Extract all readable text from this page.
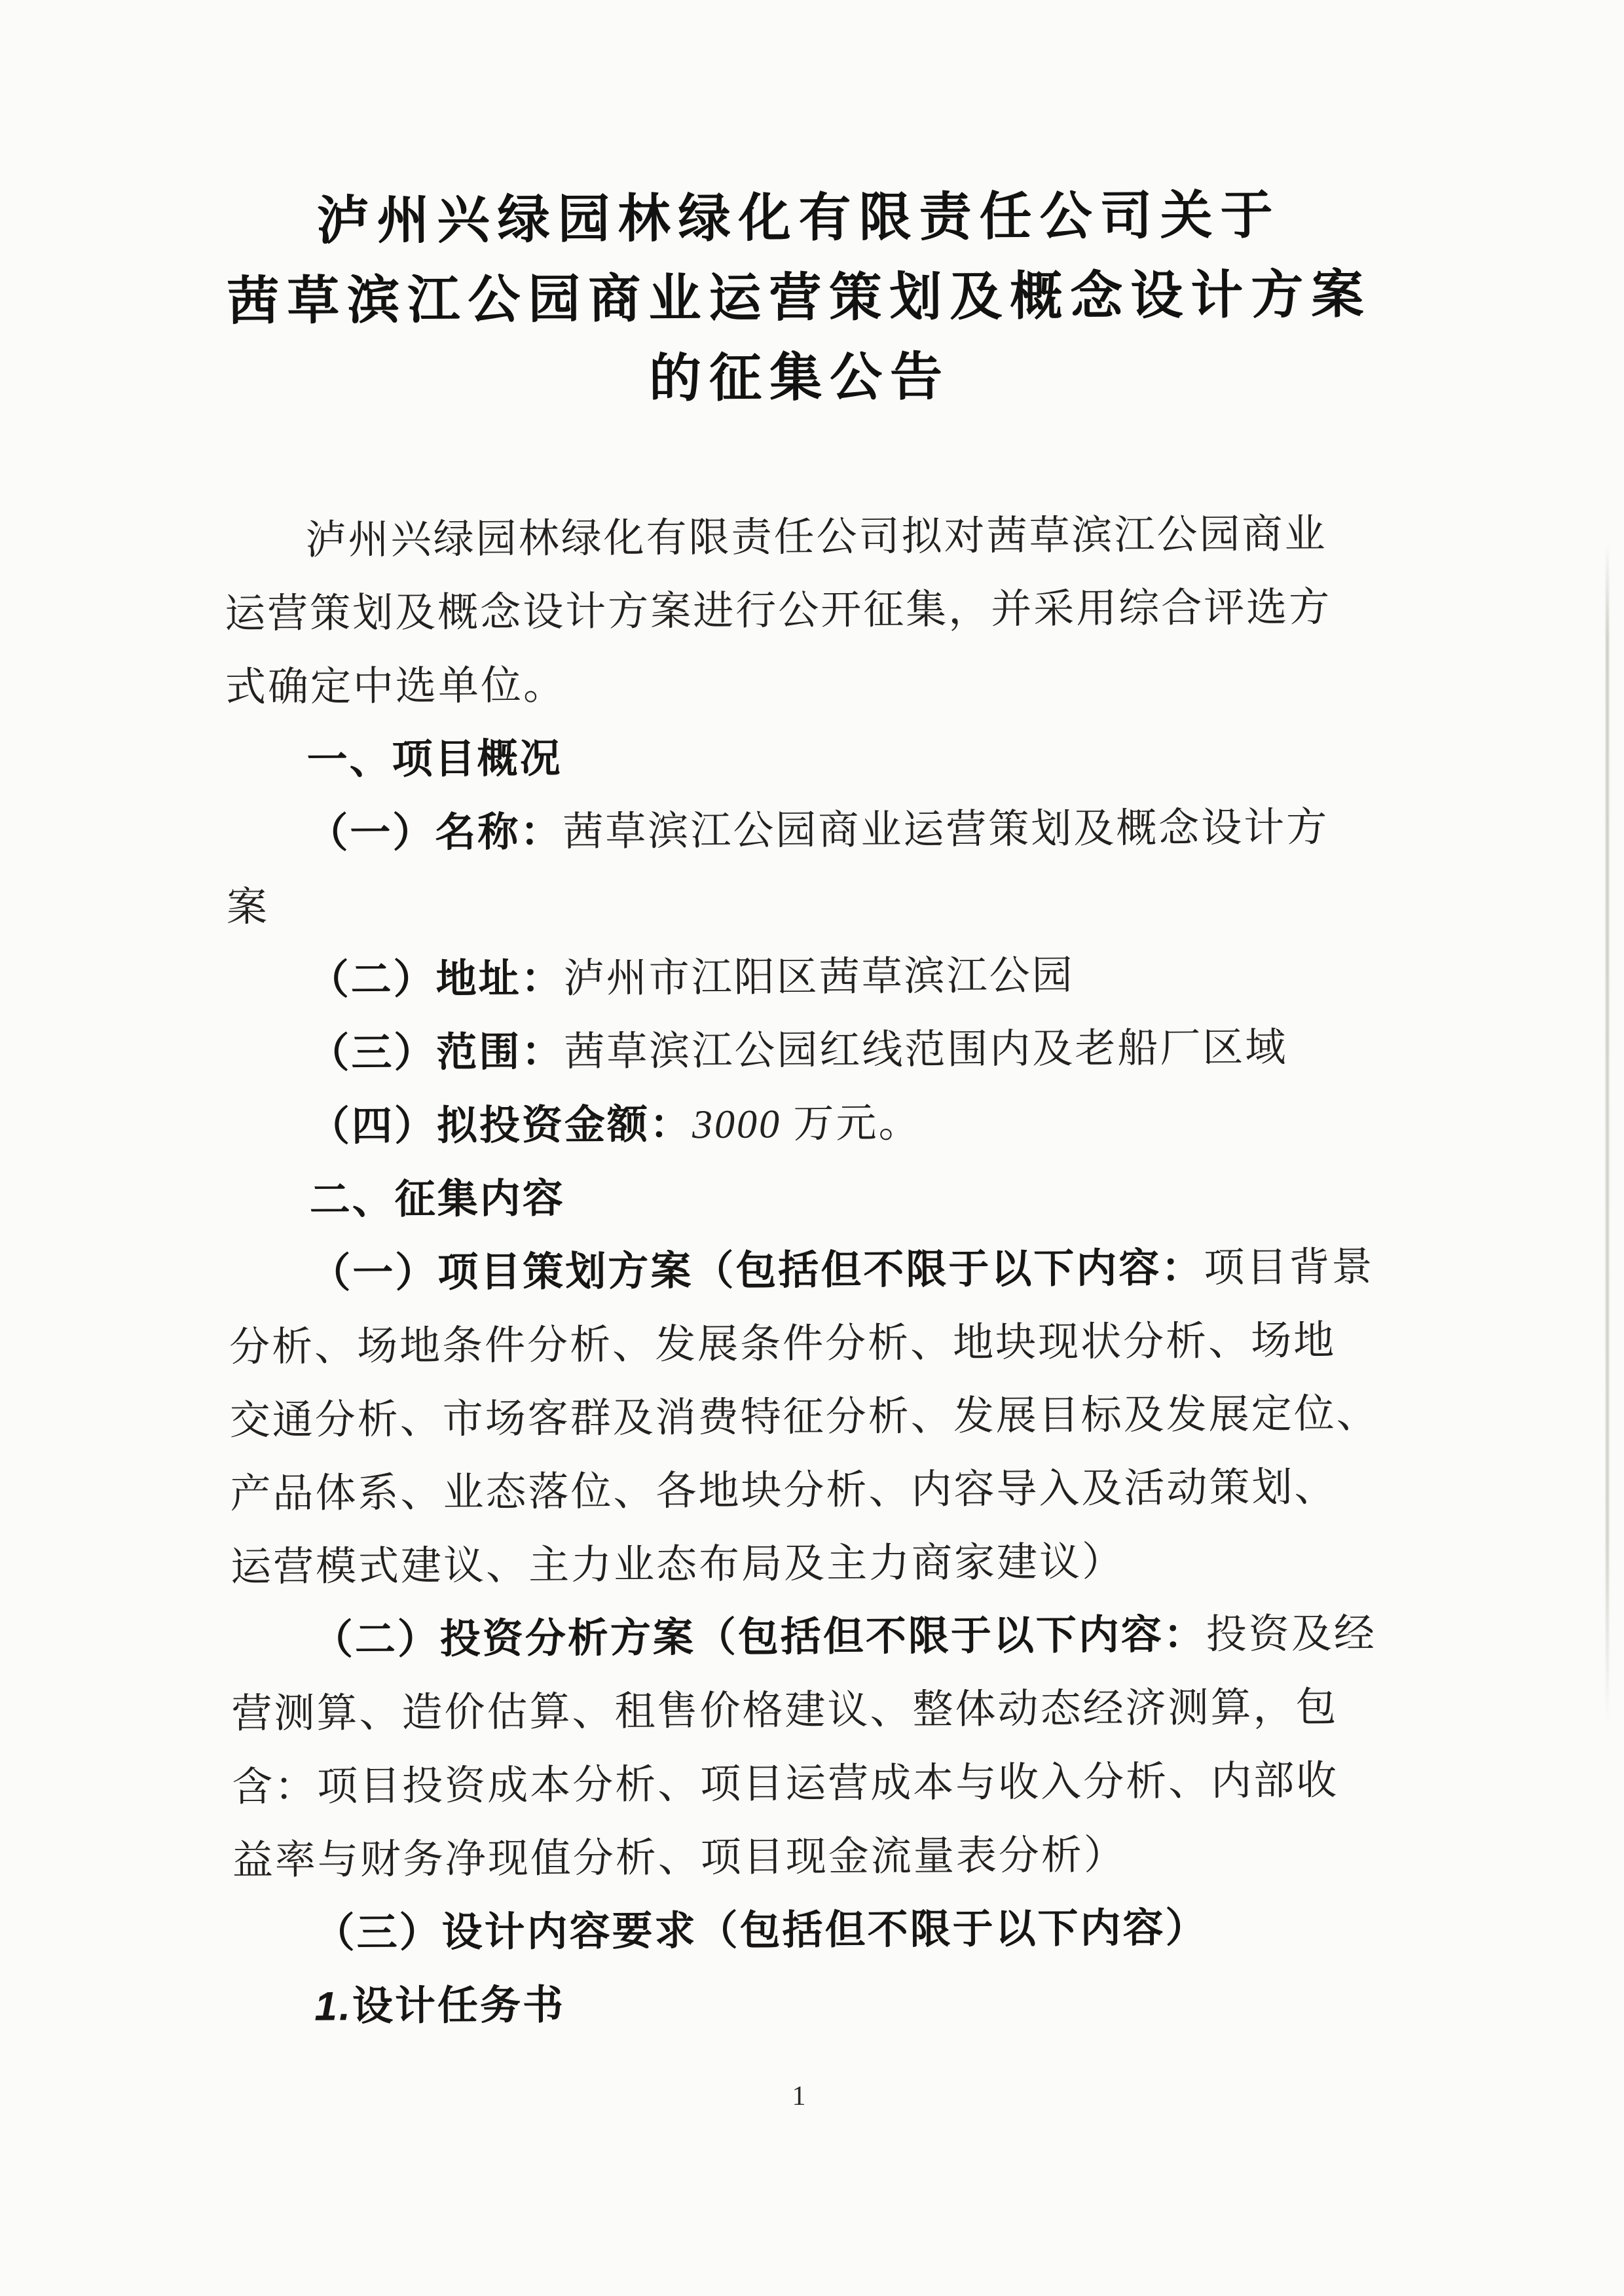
泸州兴绿园林绿化有限责任公司关于
茜草滨江公园商业运营策划及概念设计方案
的征集公告

泸州兴绿园林绿化有限责任公司拟对茜草滨江公园商业
运营策划及概念设计方案进行公开征集，并采用综合评选方
式确定中选单位。

一、项目概况

（一）名称：茜草滨江公园商业运营策划及概念设计方
案

（二）地址：泸州市江阳区茜草滨江公园

（三）范围：茜草滨江公园红线范围内及老船厂区域

（四）拟投资金额：3000 万元。

二、征集内容

（一）项目策划方案（包括但不限于以下内容：项目背景
分析、场地条件分析、发展条件分析、地块现状分析、场地
交通分析、市场客群及消费特征分析、发展目标及发展定位、
产品体系、业态落位、各地块分析、内容导入及活动策划、
运营模式建议、主力业态布局及主力商家建议）

（二）投资分析方案（包括但不限于以下内容：投资及经
营测算、造价估算、租售价格建议、整体动态经济测算，包
含：项目投资成本分析、项目运营成本与收入分析、内部收
益率与财务净现值分析、项目现金流量表分析）

（三）设计内容要求（包括但不限于以下内容）

1.设计任务书

1
